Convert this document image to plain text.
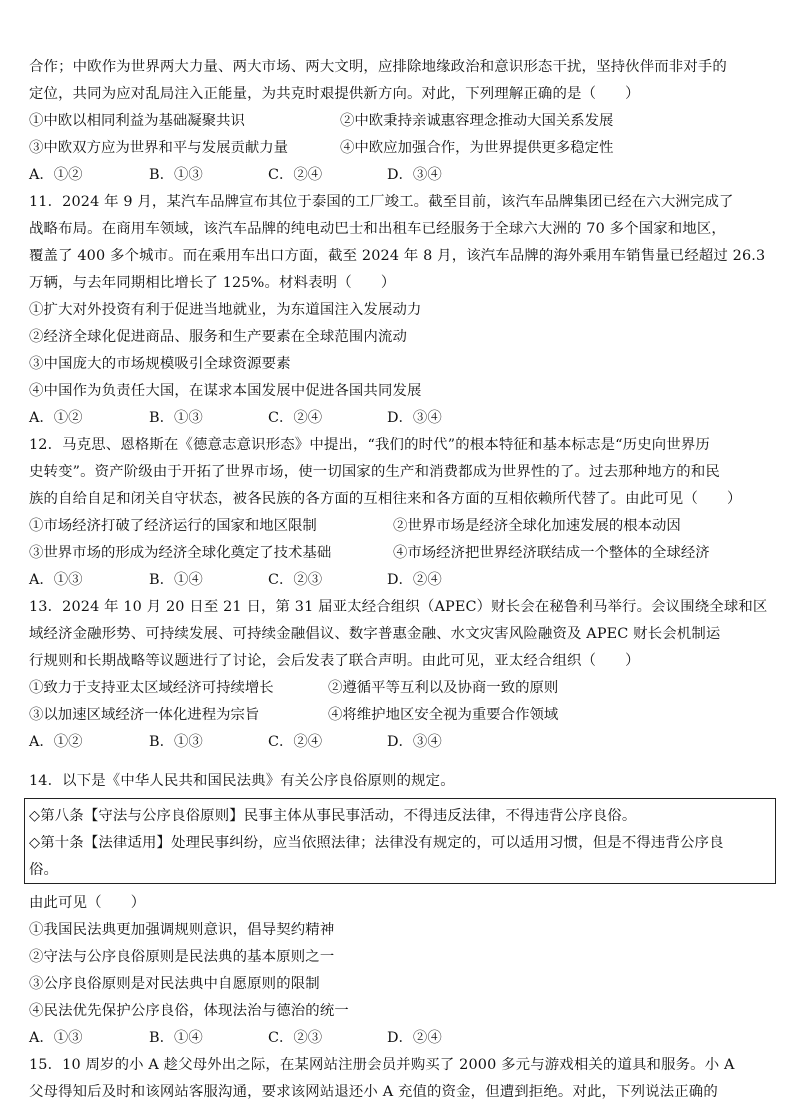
合作；中欧作为世界两大力量、两大市场、两大文明，应排除地缘政治和意识形态干扰，坚持伙伴而非对手的
定位，共同为应对乱局注入正能量，为共克时艰提供新方向。对此，下列理解正确的是（　　）
①中欧以相同利益为基础凝聚共识	②中欧秉持亲诚惠容理念推动大国关系发展
③中欧双方应为世界和平与发展贡献力量	④中欧应加强合作，为世界提供更多稳定性
A．①②	B．①③	C．②④	D．③④
11．2024 年 9 月，某汽车品牌宣布其位于泰国的工厂竣工。截至目前，该汽车品牌集团已经在六大洲完成了
战略布局。在商用车领域，该汽车品牌的纯电动巴士和出租车已经服务于全球六大洲的 70 多个国家和地区，
覆盖了 400 多个城市。而在乘用车出口方面，截至 2024 年 8 月，该汽车品牌的海外乘用车销售量已经超过 26.3
万辆，与去年同期相比增长了 125%。材料表明（　　）
①扩大对外投资有利于促进当地就业，为东道国注入发展动力
②经济全球化促进商品、服务和生产要素在全球范围内流动
③中国庞大的市场规模吸引全球资源要素
④中国作为负责任大国，在谋求本国发展中促进各国共同发展
A．①②	B．①③	C．②④	D．③④
12．马克思、恩格斯在《德意志意识形态》中提出，“我们的时代”的根本特征和基本标志是“历史向世界历
史转变”。资产阶级由于开拓了世界市场，使一切国家的生产和消费都成为世界性的了。过去那种地方的和民
族的自给自足和闭关自守状态，被各民族的各方面的互相往来和各方面的互相依赖所代替了。由此可见（　　）
①市场经济打破了经济运行的国家和地区限制	②世界市场是经济全球化加速发展的根本动因
③世界市场的形成为经济全球化奠定了技术基础	④市场经济把世界经济联结成一个整体的全球经济
A．①③	B．①④	C．②③	D．②④
13．2024 年 10 月 20 日至 21 日，第 31 届亚太经合组织（APEC）财长会在秘鲁利马举行。会议围绕全球和区
域经济金融形势、可持续发展、可持续金融倡议、数字普惠金融、水文灾害风险融资及 APEC 财长会机制运
行规则和长期战略等议题进行了讨论，会后发表了联合声明。由此可见，亚太经合组织（　　）
①致力于支持亚太区域经济可持续增长	②遵循平等互利以及协商一致的原则
③以加速区域经济一体化进程为宗旨	④将维护地区安全视为重要合作领域
A．①②	B．①③	C．②④	D．③④
14．以下是《中华人民共和国民法典》有关公序良俗原则的规定。
◇第八条【守法与公序良俗原则】民事主体从事民事活动，不得违反法律，不得违背公序良俗。
◇第十条【法律适用】处理民事纠纷，应当依照法律；法律没有规定的，可以适用习惯，但是不得违背公序良
俗。
由此可见（　　）
①我国民法典更加强调规则意识，倡导契约精神
②守法与公序良俗原则是民法典的基本原则之一
③公序良俗原则是对民法典中自愿原则的限制
④民法优先保护公序良俗，体现法治与德治的统一
A．①③	B．①④	C．②③	D．②④
15．10 周岁的小 A 趁父母外出之际，在某网站注册会员并购买了 2000 多元与游戏相关的道具和服务。小 A
父母得知后及时和该网站客服沟通，要求该网站退还小 A 充值的资金，但遭到拒绝。对此，下列说法正确的
